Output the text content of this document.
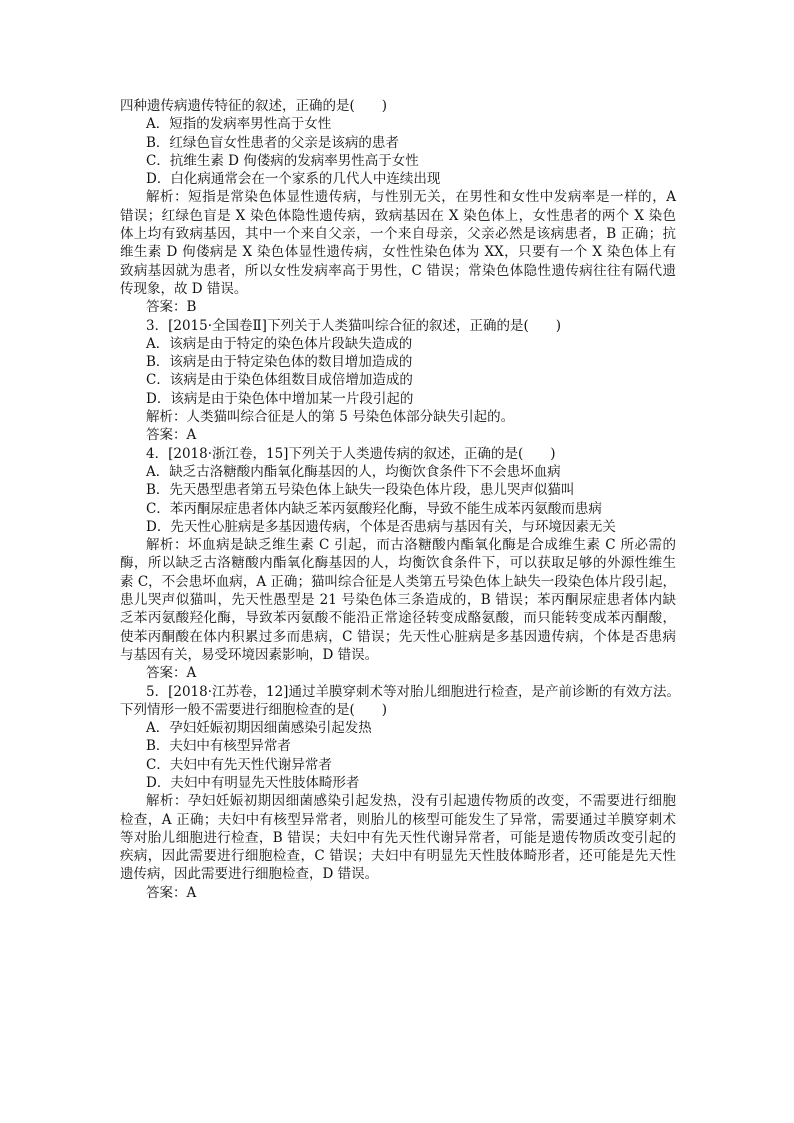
四种遗传病遗传特征的叙述，正确的是(　　)
A．短指的发病率男性高于女性
B．红绿色盲女性患者的父亲是该病的患者
C．抗维生素 D 佝偻病的发病率男性高于女性
D．白化病通常会在一个家系的几代人中连续出现
解析：短指是常染色体显性遗传病，与性别无关，在男性和女性中发病率是一样的，A
错误；红绿色盲是 X 染色体隐性遗传病，致病基因在 X 染色体上，女性患者的两个 X 染色
体上均有致病基因，其中一个来自父亲，一个来自母亲，父亲必然是该病患者，B 正确；抗
维生素 D 佝偻病是 X 染色体显性遗传病，女性性染色体为 XX，只要有一个 X 染色体上有
致病基因就为患者，所以女性发病率高于男性，C 错误；常染色体隐性遗传病往往有隔代遗
传现象，故 D 错误。
答案：B
3．[2015·全国卷Ⅱ]下列关于人类猫叫综合征的叙述，正确的是(　　)
A．该病是由于特定的染色体片段缺失造成的
B．该病是由于特定染色体的数目增加造成的
C．该病是由于染色体组数目成倍增加造成的
D．该病是由于染色体中增加某一片段引起的
解析：人类猫叫综合征是人的第 5 号染色体部分缺失引起的。
答案：A
4．[2018·浙江卷，15]下列关于人类遗传病的叙述，正确的是(　　)
A．缺乏古洛糖酸内酯氧化酶基因的人，均衡饮食条件下不会患坏血病
B．先天愚型患者第五号染色体上缺失一段染色体片段，患儿哭声似猫叫
C．苯丙酮尿症患者体内缺乏苯丙氨酸羟化酶，导致不能生成苯丙氨酸而患病
D．先天性心脏病是多基因遗传病，个体是否患病与基因有关，与环境因素无关
解析：坏血病是缺乏维生素 C 引起，而古洛糖酸内酯氧化酶是合成维生素 C 所必需的
酶，所以缺乏古洛糖酸内酯氧化酶基因的人，均衡饮食条件下，可以获取足够的外源性维生
素 C，不会患坏血病，A 正确；猫叫综合征是人类第五号染色体上缺失一段染色体片段引起，
患儿哭声似猫叫，先天性愚型是 21 号染色体三条造成的，B 错误；苯丙酮尿症患者体内缺
乏苯丙氨酸羟化酶，导致苯丙氨酸不能沿正常途径转变成酪氨酸，而只能转变成苯丙酮酸，
使苯丙酮酸在体内积累过多而患病，C 错误；先天性心脏病是多基因遗传病，个体是否患病
与基因有关，易受环境因素影响，D 错误。
答案：A
5．[2018·江苏卷，12]通过羊膜穿刺术等对胎儿细胞进行检查，是产前诊断的有效方法。
下列情形一般不需要进行细胞检查的是(　　)
A．孕妇妊娠初期因细菌感染引起发热
B．夫妇中有核型异常者
C．夫妇中有先天性代谢异常者
D．夫妇中有明显先天性肢体畸形者
解析：孕妇妊娠初期因细菌感染引起发热，没有引起遗传物质的改变，不需要进行细胞
检查，A 正确；夫妇中有核型异常者，则胎儿的核型可能发生了异常，需要通过羊膜穿刺术
等对胎儿细胞进行检查，B 错误；夫妇中有先天性代谢异常者，可能是遗传物质改变引起的
疾病，因此需要进行细胞检查，C 错误；夫妇中有明显先天性肢体畸形者，还可能是先天性
遗传病，因此需要进行细胞检查，D 错误。
答案：A
